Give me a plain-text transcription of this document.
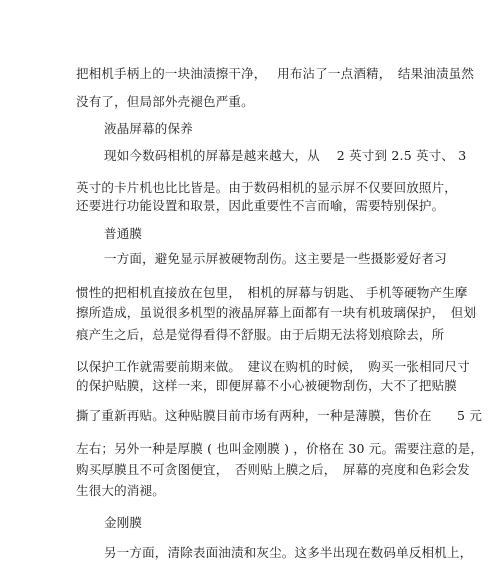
把相机手柄上的一块油渍擦干净，　 用布沾了一点酒精，　结果油渍虽然
没有了，但局部外壳褪色严重。
液晶屏幕的保养
现如今数码相机的屏幕是越来越大，从　 2 英寸到 2.5 英寸、 3
英寸的卡片机也比比皆是。由于数码相机的显示屏不仅要回放照片，
还要进行功能设置和取景，因此重要性不言而喻，需要特别保护。
普通膜
一方面，避免显示屏被硬物刮伤。这主要是一些摄影爱好者习
惯性的把相机直接放在包里，　相机的屏幕与钥匙、 手机等硬物产生摩
擦所造成，虽说很多机型的液晶屏幕上面都有一块有机玻璃保护，　但划
痕产生之后，总是觉得看得不舒服。由于后期无法将划痕除去，所
以保护工作就需要前期来做。　建议在购机的时候，　购买一张相同尺寸
的保护贴膜，这样一来，即便屏幕不小心被硬物刮伤，大不了把贴膜
撕了重新再贴。这种贴膜目前市场有两种，一种是薄膜，售价在　　5 元
左右；另外一种是厚膜 ( 也叫金刚膜 ) ，价格在 30 元。需要注意的是，
购买厚膜且不可贪图便宜，　否则贴上膜之后，　屏幕的亮度和色彩会发
生很大的消褪。
金刚膜
另一方面，清除表面油渍和灰尘。这多半出现在数码单反相机上，
